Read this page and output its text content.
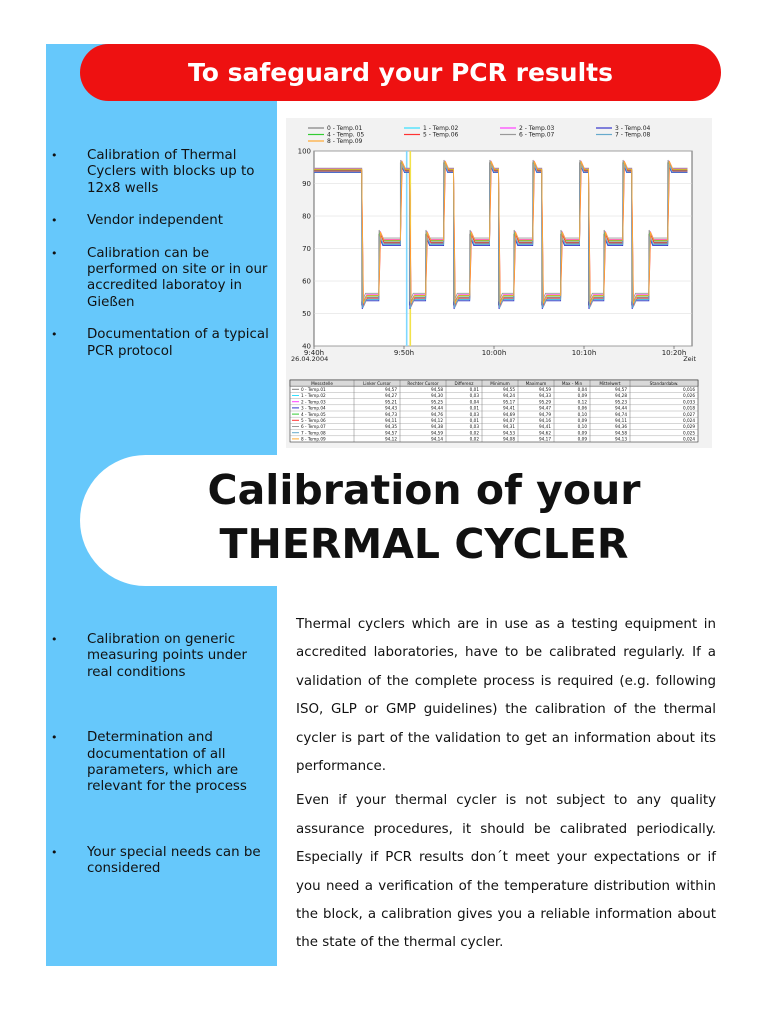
To safeguard your PCR results
• Calibration of Thermal Cyclers with blocks up to 12x8 wells
• Vendor independent
• Calibration can be performed on site or in our accredited laboratoy in Gießen
• Documentation of a typical PCR protocol
0 - Temp.01	1 - Temp.02	2 - Temp.03	3 - Temp.04
4 - Temp. 05	5 - Temp.06	6 - Temp.07	7 - Temp.08
8 - Temp.09
40
50
60
70
80
90
100
9:40h	9:50h	10:00h	10:10h	10:20h
26.04.2004	Zeit
Messstelle	Linker Cursor	Rechter Cursor	Differenz	Minimum	Maximum	Max - Min	Mittelwert	Standardabw.
0 - Temp.01	94,57	94,58	0,01	94,55	94,59	0,04	94,57	0,016
1 - Temp.02	94,27	94,30	0,03	94,24	94,33	0,09	94,28	0,026
2 - Temp.03	95,21	95,25	0,04	95,17	95,29	0,12	95,23	0,033
3 - Temp.04	94,43	94,44	0,01	94,41	94,47	0,06	94,44	0,018
4 - Temp.05	94,73	94,76	0,03	94,69	94,79	0,10	94,74	0,027
5 - Temp.06	94,11	94,12	0,01	94,07	94,16	0,09	94,11	0,024
6 - Temp.07	94,35	94,38	0,03	94,31	94,41	0,10	94,36	0,029
7 - Temp.08	94,57	94,59	0,02	94,53	94,62	0,09	94,58	0,025
8 - Temp.09	94,12	94,14	0,02	94,08	94,17	0,09	94,13	0,024
Calibration of your
THERMAL CYCLER
• Calibration on generic measuring points under real conditions
• Determination and documentation of all parameters, which are relevant for the process
• Your special needs can be considered

Thermal cyclers which are in use as a testing equipment in accredited laboratories, have to be calibrated regularly. If a validation of the complete process is required (e.g. following ISO, GLP or GMP guidelines) the calibration of the thermal cycler is part of the validation to get an information about its performance.

Even if your thermal cycler is not subject to any quality assurance procedures, it should be calibrated periodically. Especially if PCR results don´t meet your expectations or if you need a verification of the temperature distribution within the block, a calibration gives you a reliable information about the state of the thermal cycler.
